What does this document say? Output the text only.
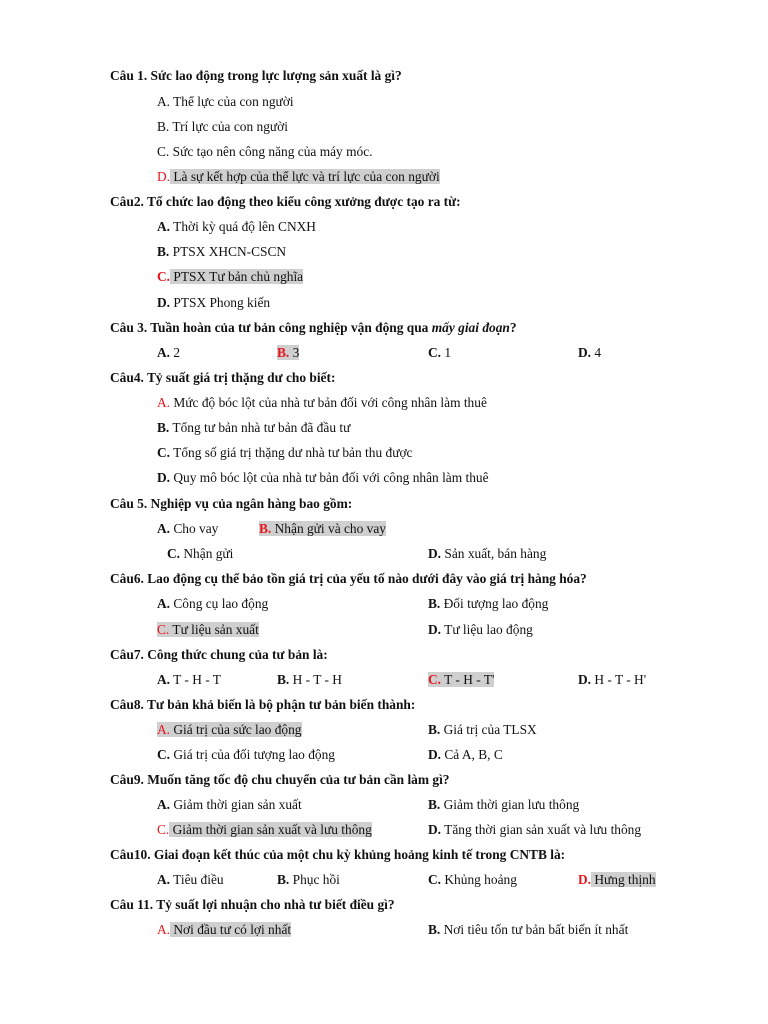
Câu 1. Sức lao động trong lực lượng sản xuất là gì?
A. Thể lực của con người
B. Trí lực của con người
C. Sức tạo nên công năng của máy móc.
D. Là sự kết hợp của thể lực và trí lực của con người
Câu2. Tổ chức lao động theo kiểu công xưởng được tạo ra từ:
A. Thời kỳ quá độ lên CNXH
B. PTSX XHCN-CSCN
C. PTSX Tư bản chủ nghĩa
D. PTSX Phong kiến
Câu 3. Tuần hoàn của tư bản công nghiệp vận động qua mấy giai đoạn?
A. 2	B. 3	C. 1	D. 4
Câu4. Tỷ suất giá trị thặng dư cho biết:
A. Mức độ bóc lột của nhà tư bản đối với công nhân làm thuê
B. Tổng tư bản nhà tư bản đã đầu tư
C. Tổng số giá trị thặng dư nhà tư bản thu được
D. Quy mô bóc lột của nhà tư bản đối với công nhân làm thuê
Câu 5. Nghiệp vụ của ngân hàng bao gồm:
A. Cho vay	B. Nhận gửi và cho vay
C. Nhận gửi	D. Sản xuất, bán hàng
Câu6. Lao động cụ thể bảo tồn giá trị của yếu tố nào dưới đây vào giá trị hàng hóa?
A. Công cụ lao động	B. Đối tượng lao động
C. Tư liệu sản xuất	D. Tư liệu lao động
Câu7. Công thức chung của tư bản là:
A. T - H - T	B. H - T - H	C. T - H - T'	D. H - T - H'
Câu8. Tư bản khả biến là bộ phận tư bản biến thành:
A. Giá trị của sức lao động	B. Giá trị của TLSX
C. Giá trị của đối tượng lao động	D. Cả A, B, C
Câu9. Muốn tăng tốc độ chu chuyển của tư bản cần làm gì?
A. Giảm thời gian sản xuất	B. Giảm thời gian lưu thông
C. Giảm thời gian sản xuất và lưu thông	D. Tăng thời gian sản xuất và lưu thông
Câu10. Giai đoạn kết thúc của một chu kỳ khủng hoảng kinh tế trong CNTB là:
A. Tiêu điều	B. Phục hồi	C. Khủng hoảng	D. Hưng thịnh
Câu 11. Tỷ suất lợi nhuận cho nhà tư biết điều gì?
A. Nơi đầu tư có lợi nhất	B. Nơi tiêu tốn tư bản bất biến ít nhất
